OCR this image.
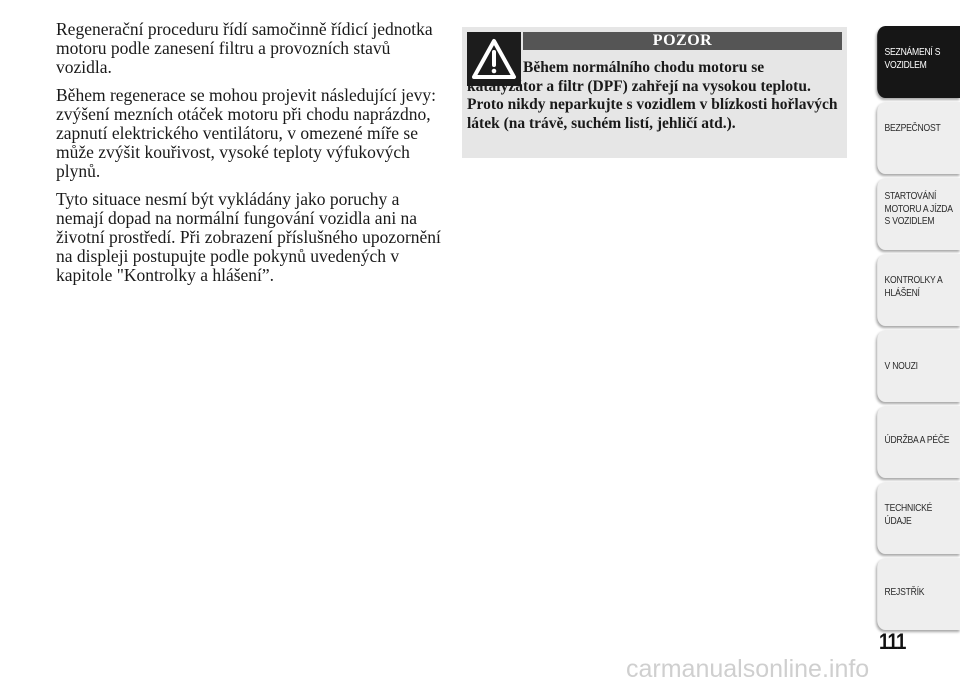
Regenerační proceduru řídí samočinně řídicí jednotka motoru podle zanesení filtru a provozních stavů vozidla.

Během regenerace se mohou projevit následující jevy: zvýšení mezních otáček motoru při chodu naprázdno, zapnutí elektrického ventilátoru, v omezené míře se může zvýšit kouřivost, vysoké teploty výfukových plynů.

Tyto situace nesmí být vykládány jako poruchy a nemají dopad na normální fungování vozidla ani na životní prostředí. Při zobrazení příslušného upozornění na displeji postupujte podle pokynů uvedených v kapitole "Kontrolky a hlášení”.

POZOR
Během normálního chodu motoru se katalyzátor a filtr (DPF) zahřejí na vysokou teplotu. Proto nikdy neparkujte s vozidlem v blízkosti hořlavých látek (na trávě, suchém listí, jehličí atd.).
SEZNÁMENÍ S
VOZIDLEM
BEZPEČNOST
STARTOVÁNÍ
MOTORU A JÍZDA
S VOZIDLEM
KONTROLKY A
HLÁŠENÍ
V NOUZI
ÚDRŽBA A PÉČE
TECHNICKÉ
ÚDAJE
REJSTŘÍK
111
carmanualsonline.info
